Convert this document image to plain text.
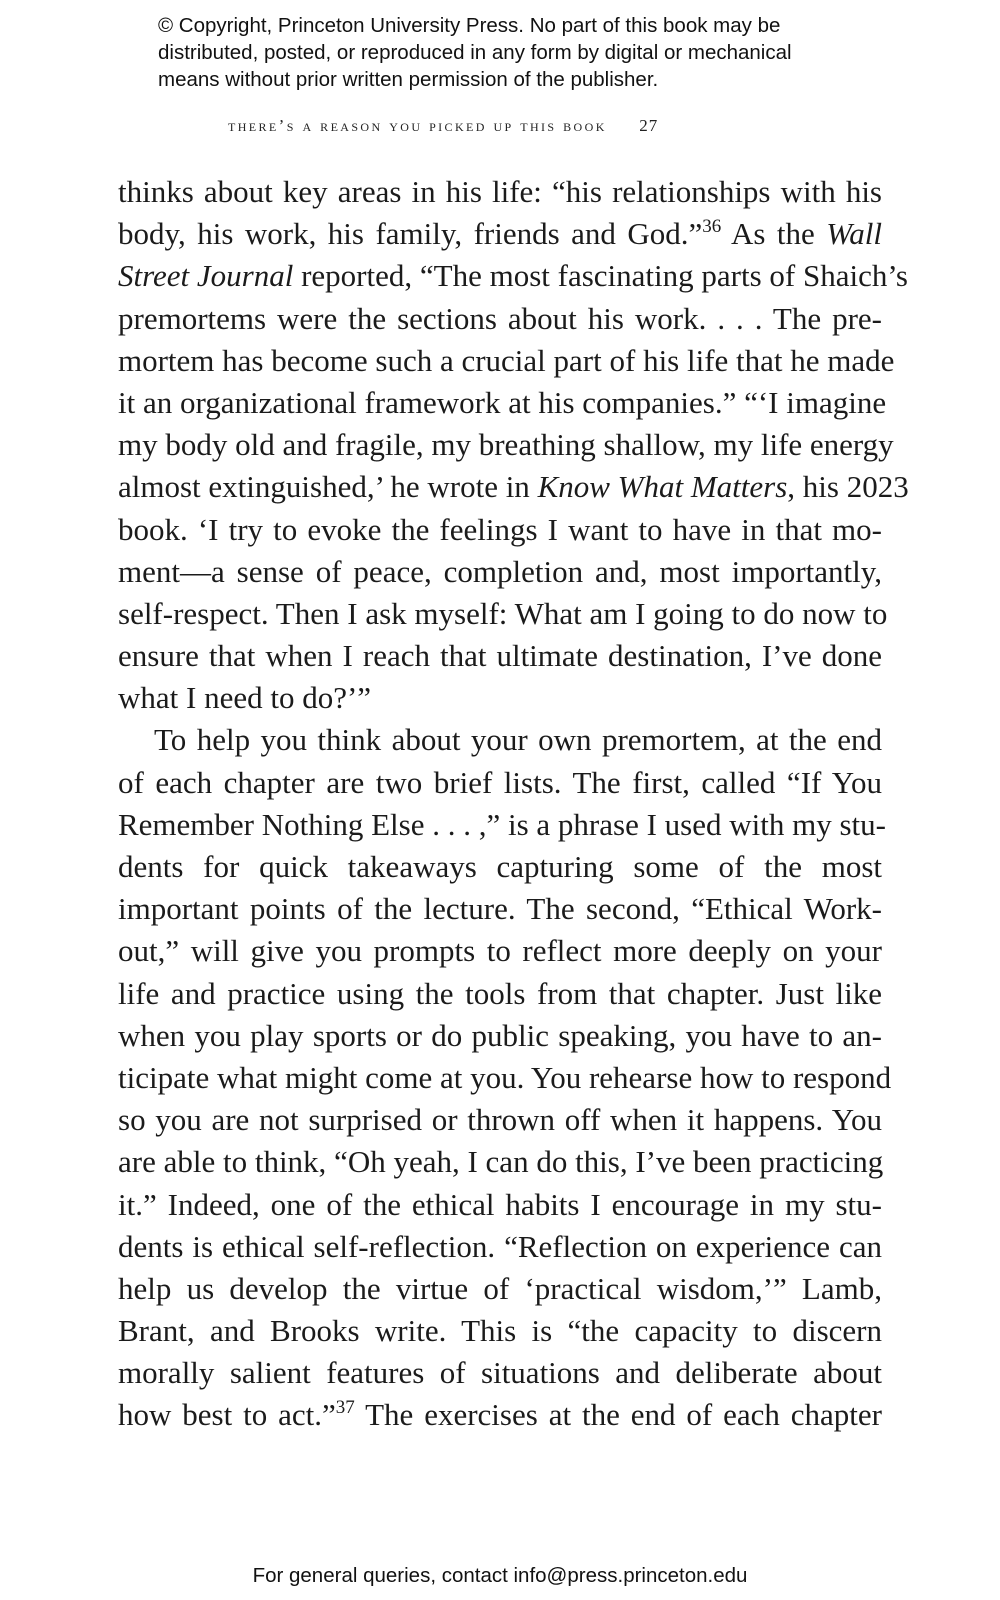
© Copyright, Princeton University Press. No part of this book may be
distributed, posted, or reproduced in any form by digital or mechanical
means without prior written permission of the publisher.
there’s a reason you picked up this book 27
thinks about key areas in his life: “his relationships with his
body, his work, his family, friends and God.”$^{36}$ As the Wall
Street Journal reported, “The most fascinating parts of Shaich’s
premortems were the sections about his work. . . . The pre-
mortem has become such a crucial part of his life that he made
it an organizational framework at his companies.” “‘I imagine
my body old and fragile, my breathing shallow, my life energy
almost extinguished,’ he wrote in Know What Matters, his 2023
book. ‘I try to evoke the feelings I want to have in that mo-
ment—a sense of peace, completion and, most importantly,
self-respect. Then I ask myself: What am I going to do now to
ensure that when I reach that ultimate destination, I’ve done
what I need to do?’”
To help you think about your own premortem, at the end
of each chapter are two brief lists. The first, called “If You
Remember Nothing Else . . . ,” is a phrase I used with my stu-
dents for quick takeaways capturing some of the most
important points of the lecture. The second, “Ethical Work-
out,” will give you prompts to reflect more deeply on your
life and practice using the tools from that chapter. Just like
when you play sports or do public speaking, you have to an-
ticipate what might come at you. You rehearse how to respond
so you are not surprised or thrown off when it happens. You
are able to think, “Oh yeah, I can do this, I’ve been practicing
it.” Indeed, one of the ethical habits I encourage in my stu-
dents is ethical self-reflection. “Reflection on experience can
help us develop the virtue of ‘practical wisdom,’” Lamb,
Brant, and Brooks write. This is “the capacity to discern
morally salient features of situations and deliberate about
how best to act.”$^{37}$ The exercises at the end of each chapter
For general queries, contact info@press.princeton.edu
